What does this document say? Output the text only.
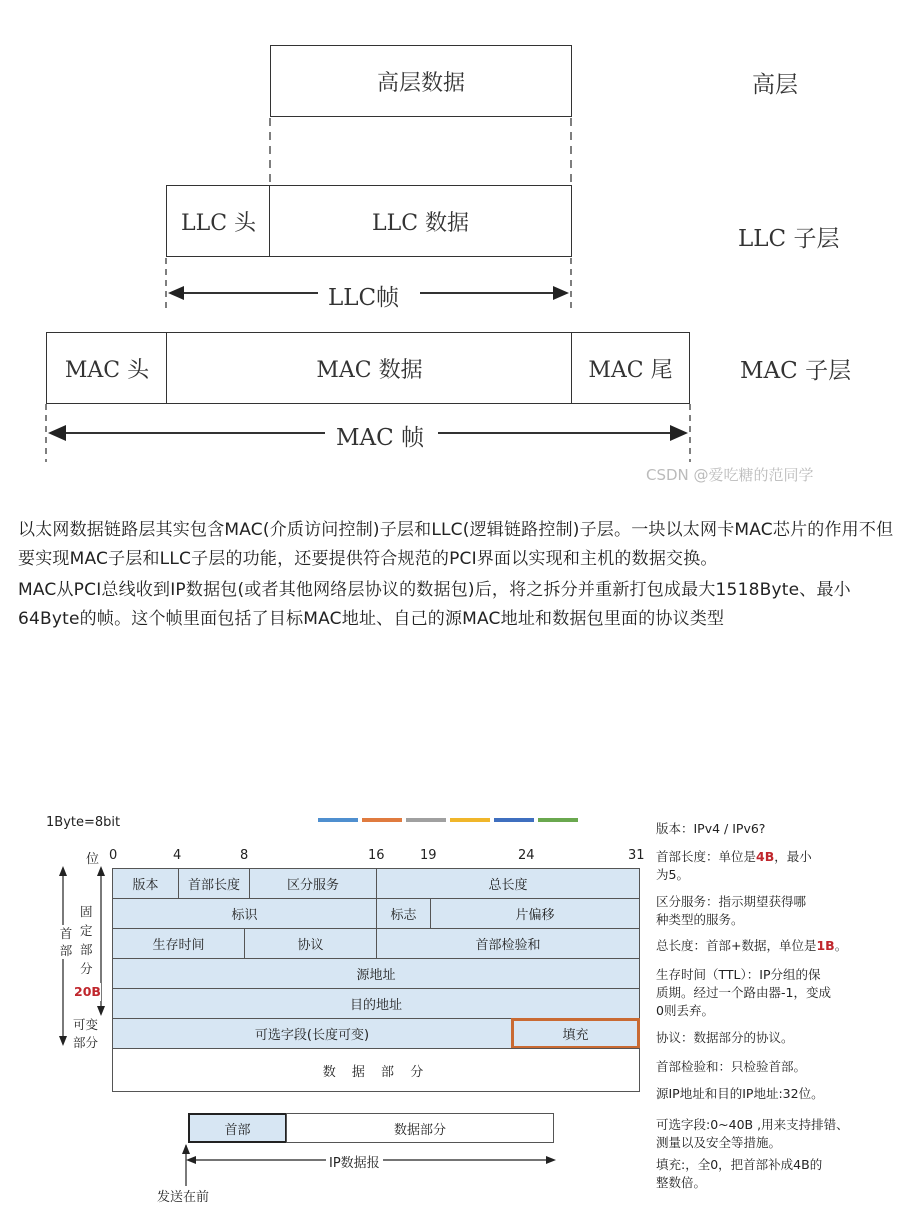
高层数据
LLC 头	LLC 数据
LLC帧
MAC 头	MAC 数据	MAC 尾
MAC 帧
高层
LLC 子层
MAC 子层
CSDN @爱吃糖的范同学

以太网数据链路层其实包含MAC(介质访问控制)子层和LLC(逻辑链路控制)子层。一块以太网卡MAC芯片的作用不但要实现MAC子层和LLC子层的功能，还要提供符合规范的PCI界面以实现和主机的数据交换。

MAC从PCI总线收到IP数据包(或者其他网络层协议的数据包)后，将之拆分并重新打包成最大1518Byte、最小64Byte的帧。这个帧里面包括了目标MAC地址、自己的源MAC地址和数据包里面的协议类型

1Byte=8bit
位 0	4	8	16	19	24	31
版本	首部长度	区分服务	总长度
标识	标志	片偏移
生存时间	协议	首部检验和
源地址
目的地址
可选字段(长度可变)	填充
数 据 部 分
首部
固定部分
20B
可变
部分
首部	数据部分
IP数据报
发送在前
版本：IPv4 / IPv6?
首部长度：单位是4B，最小
为5。
区分服务：指示期望获得哪
种类型的服务。
总长度：首部+数据，单位是1B。
生存时间（TTL）：IP分组的保
质期。经过一个路由器-1，变成
0则丢弃。
协议：数据部分的协议。
首部检验和：只检验首部。
源IP地址和目的IP地址:32位。
可选字段:0~40B ,用来支持排错、
测量以及安全等措施。
填充:，全0，把首部补成4B的
整数倍。
